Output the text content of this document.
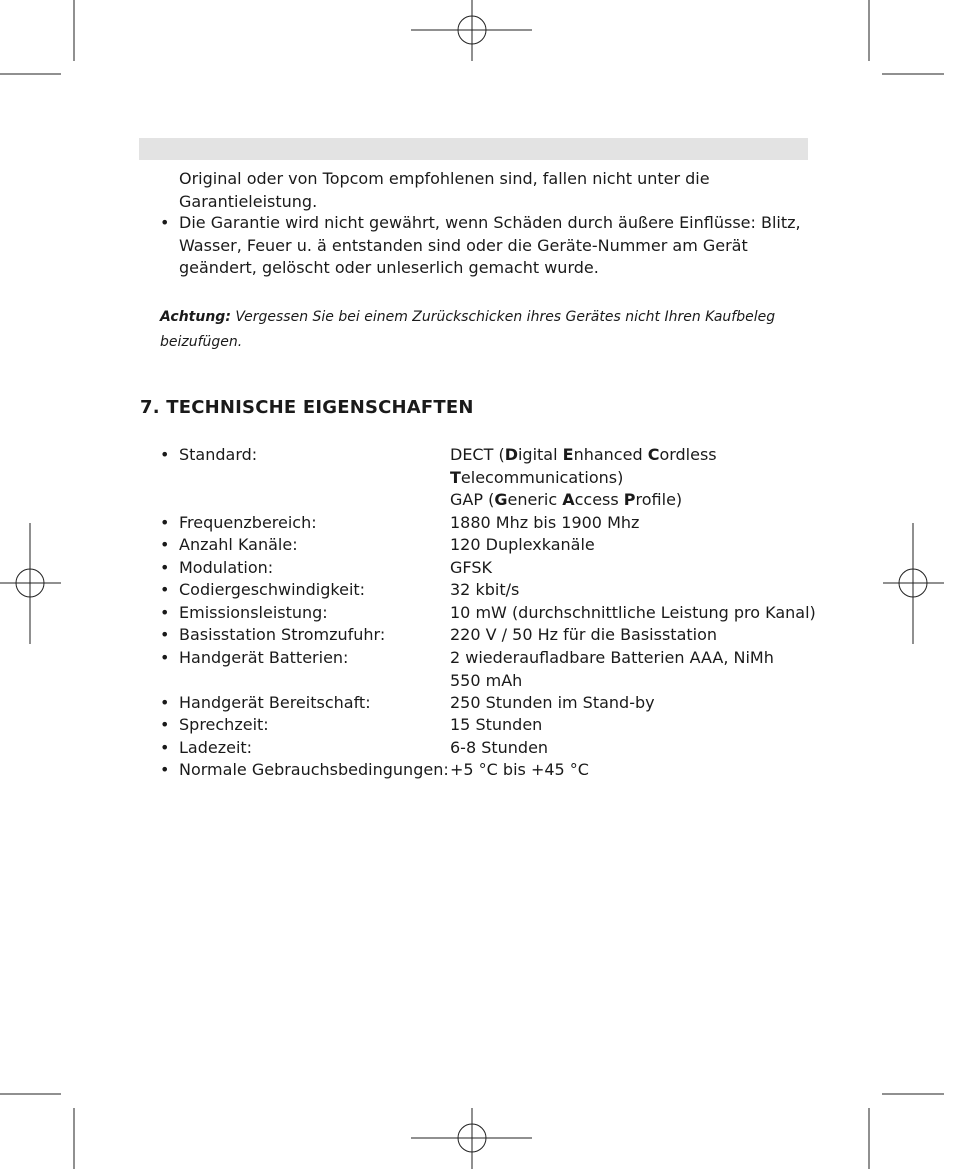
Original oder von Topcom empfohlenen sind, fallen nicht unter die Garantieleistung.
• Die Garantie wird nicht gewährt, wenn Schäden durch äußere Einflüsse: Blitz, Wasser, Feuer u. ä entstanden sind oder die Geräte-Nummer am Gerät geändert, gelöscht oder unleserlich gemacht wurde.
Achtung: Vergessen Sie bei einem Zurückschicken ihres Gerätes nicht Ihren Kaufbeleg beizufügen.
7. TECHNISCHE EIGENSCHAFTEN
• Standard:	DECT (Digital Enhanced Cordless
Telecommunications)
GAP (Generic Access Profile)
• Frequenzbereich:	1880 Mhz bis 1900 Mhz
• Anzahl Kanäle:	120 Duplexkanäle
• Modulation:	GFSK
• Codiergeschwindigkeit:	32 kbit/s
• Emissionsleistung:	10 mW (durchschnittliche Leistung pro Kanal)
• Basisstation Stromzufuhr:	220 V / 50 Hz für die Basisstation
• Handgerät Batterien:	2 wiederaufladbare Batterien AAA, NiMh
550 mAh
• Handgerät Bereitschaft:	250 Stunden im Stand-by
• Sprechzeit:	15 Stunden
• Ladezeit:	6-8 Stunden
• Normale Gebrauchsbedingungen: +5 °C bis +45 °C
